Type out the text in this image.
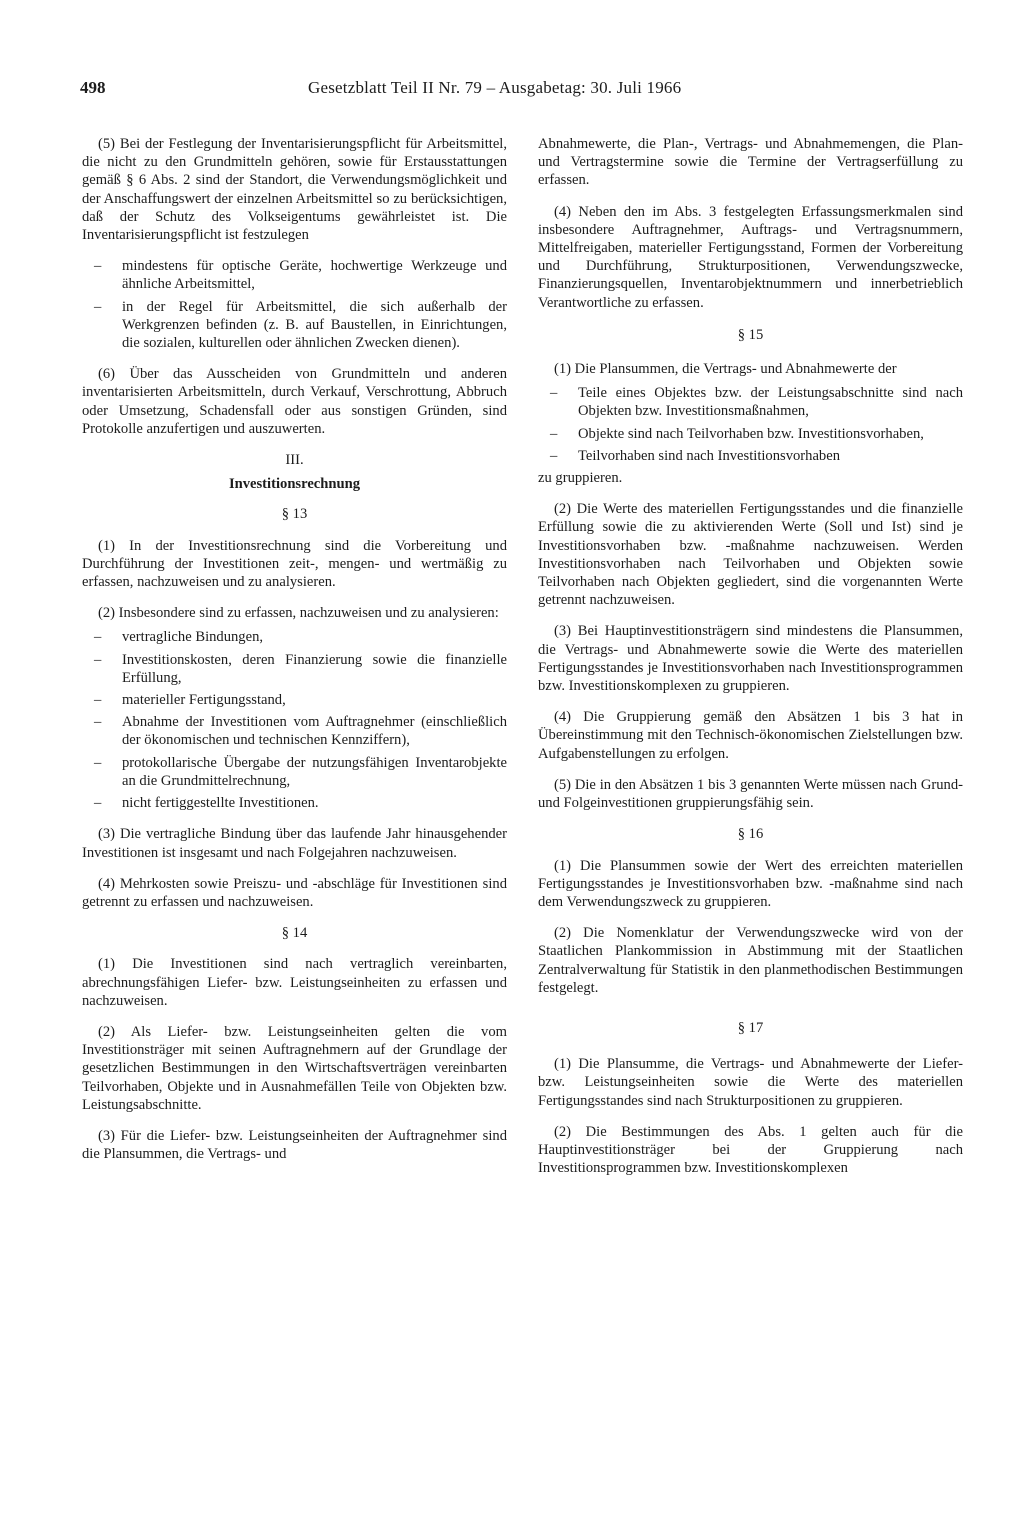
498	Gesetzblatt Teil II Nr. 79 – Ausgabetag: 30. Juli 1966

(5) Bei der Festlegung der Inventarisierungspflicht für Arbeitsmittel, die nicht zu den Grundmitteln gehören, sowie für Erstausstattungen gemäß § 6 Abs. 2 sind der Standort, die Verwendungsmöglichkeit und der Anschaffungswert der einzelnen Arbeitsmittel so zu berücksichtigen, daß der Schutz des Volkseigentums gewährleistet ist. Die Inventarisierungspflicht ist festzulegen

– mindestens für optische Geräte, hochwertige Werkzeuge und ähnliche Arbeitsmittel,
– in der Regel für Arbeitsmittel, die sich außerhalb der Werkgrenzen befinden (z. B. auf Baustellen, in Einrichtungen, die sozialen, kulturellen oder ähnlichen Zwecken dienen).

(6) Über das Ausscheiden von Grundmitteln und anderen inventarisierten Arbeitsmitteln, durch Verkauf, Verschrottung, Abbruch oder Umsetzung, Schadensfall oder aus sonstigen Gründen, sind Protokolle anzufertigen und auszuwerten.

III.
Investitionsrechnung
§ 13

(1) In der Investitionsrechnung sind die Vorbereitung und Durchführung der Investitionen zeit-, mengen- und wertmäßig zu erfassen, nachzuweisen und zu analysieren.

(2) Insbesondere sind zu erfassen, nachzuweisen und zu analysieren:

– vertragliche Bindungen,
– Investitionskosten, deren Finanzierung sowie die finanzielle Erfüllung,
– materieller Fertigungsstand,
– Abnahme der Investitionen vom Auftragnehmer (einschließlich der ökonomischen und technischen Kennziffern),
– protokollarische Übergabe der nutzungsfähigen Inventarobjekte an die Grundmittelrechnung,
– nicht fertiggestellte Investitionen.

(3) Die vertragliche Bindung über das laufende Jahr hinausgehender Investitionen ist insgesamt und nach Folgejahren nachzuweisen.

(4) Mehrkosten sowie Preiszu- und -abschläge für Investitionen sind getrennt zu erfassen und nachzuweisen.

§ 14

(1) Die Investitionen sind nach vertraglich vereinbarten, abrechnungsfähigen Liefer- bzw. Leistungseinheiten zu erfassen und nachzuweisen.

(2) Als Liefer- bzw. Leistungseinheiten gelten die vom Investitionsträger mit seinen Auftragnehmern auf der Grundlage der gesetzlichen Bestimmungen in den Wirtschaftsverträgen vereinbarten Teilvorhaben, Objekte und in Ausnahmefällen Teile von Objekten bzw. Leistungsabschnitte.

(3) Für die Liefer- bzw. Leistungseinheiten der Auftragnehmer sind die Plansummen, die Vertrags- und

Abnahmewerte, die Plan-, Vertrags- und Abnahmemengen, die Plan- und Vertragstermine sowie die Termine der Vertragserfüllung zu erfassen.

(4) Neben den im Abs. 3 festgelegten Erfassungsmerkmalen sind insbesondere Auftragnehmer, Auftrags- und Vertragsnummern, Mittelfreigaben, materieller Fertigungsstand, Formen der Vorbereitung und Durchführung, Strukturpositionen, Verwendungszwecke, Finanzierungsquellen, Inventarobjektnummern und innerbetrieblich Verantwortliche zu erfassen.

§ 15

(1) Die Plansummen, die Vertrags- und Abnahmewerte der

– Teile eines Objektes bzw. der Leistungsabschnitte sind nach Objekten bzw. Investitionsmaßnahmen,
– Objekte sind nach Teilvorhaben bzw. Investitionsvorhaben,
– Teilvorhaben sind nach Investitionsvorhaben

zu gruppieren.

(2) Die Werte des materiellen Fertigungsstandes und die finanzielle Erfüllung sowie die zu aktivierenden Werte (Soll und Ist) sind je Investitionsvorhaben bzw. -maßnahme nachzuweisen. Werden Investitionsvorhaben nach Teilvorhaben und Objekten sowie Teilvorhaben nach Objekten gegliedert, sind die vorgenannten Werte getrennt nachzuweisen.

(3) Bei Hauptinvestitionsträgern sind mindestens die Plansummen, die Vertrags- und Abnahmewerte sowie die Werte des materiellen Fertigungsstandes je Investitionsvorhaben nach Investitionsprogrammen bzw. Investitionskomplexen zu gruppieren.

(4) Die Gruppierung gemäß den Absätzen 1 bis 3 hat in Übereinstimmung mit den Technisch-ökonomischen Zielstellungen bzw. Aufgabenstellungen zu erfolgen.

(5) Die in den Absätzen 1 bis 3 genannten Werte müssen nach Grund- und Folgeinvestitionen gruppierungsfähig sein.

§ 16

(1) Die Plansummen sowie der Wert des erreichten materiellen Fertigungsstandes je Investitionsvorhaben bzw. -maßnahme sind nach dem Verwendungszweck zu gruppieren.

(2) Die Nomenklatur der Verwendungszwecke wird von der Staatlichen Plankommission in Abstimmung mit der Staatlichen Zentralverwaltung für Statistik in den planmethodischen Bestimmungen festgelegt.

§ 17

(1) Die Plansumme, die Vertrags- und Abnahmewerte der Liefer- bzw. Leistungseinheiten sowie die Werte des materiellen Fertigungsstandes sind nach Strukturpositionen zu gruppieren.

(2) Die Bestimmungen des Abs. 1 gelten auch für die Hauptinvestitionsträger bei der Gruppierung nach Investitionsprogrammen bzw. Investitionskomplexen
